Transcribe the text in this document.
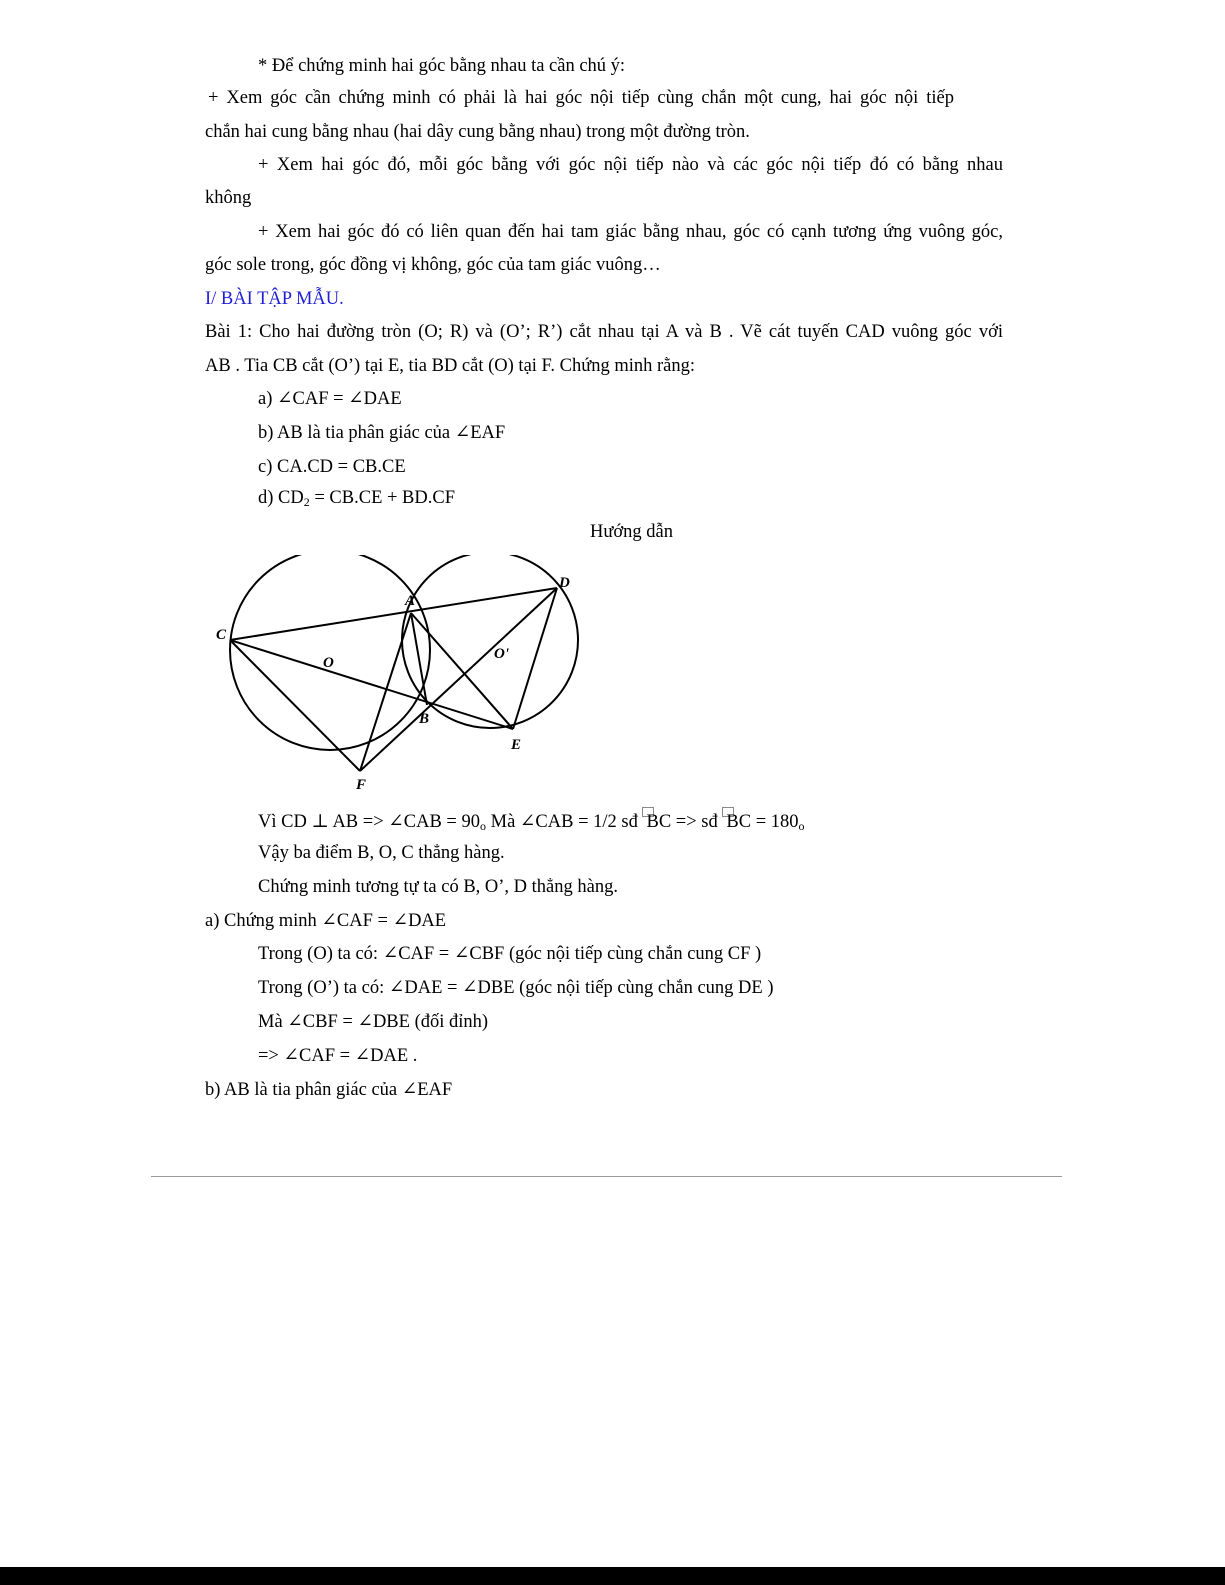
* Để chứng minh hai góc bằng nhau ta cần chú ý:
+ Xem góc cần chứng minh có phải là hai góc nội tiếp cùng chắn một cung, hai góc nội tiếp
chắn hai cung bằng nhau (hai dây cung bằng nhau) trong một đường tròn.
+ Xem hai góc đó, mỗi góc bằng với góc nội tiếp nào và các góc nội tiếp đó có bằng nhau
không
+ Xem hai góc đó có liên quan đến hai tam giác bằng nhau, góc có cạnh tương ứng vuông góc,
góc sole trong, góc đồng vị không, góc của tam giác vuông…
I/ BÀI TẬP MẪU.
Bài 1: Cho hai đường tròn (O; R) và (O’; R’) cắt nhau tại A và B . Vẽ cát tuyến CAD vuông góc với
AB . Tia CB cắt (O’) tại E, tia BD cắt (O) tại F. Chứng minh rằng:
a) ∠CAF = ∠DAE
b) AB là tia phân giác của ∠EAF
c) CA.CD = CB.CE
d) $CD_2 = CB.CE + BD.CF$
Hướng dẫn
A
B
C
D
E
F
O
O'
Vì CD ⊥ AB => ∠CAB = $90_o$ Mà ∠CAB = 1/2 sđ BC => sđ BC = $180_o$
Vậy ba điểm B, O, C thẳng hàng.
Chứng minh tương tự ta có B, O’, D thẳng hàng.
a) Chứng minh ∠CAF = ∠DAE
Trong (O) ta có: ∠CAF = ∠CBF (góc nội tiếp cùng chắn cung CF )
Trong (O’) ta có: ∠DAE = ∠DBE (góc nội tiếp cùng chắn cung DE )
Mà ∠CBF = ∠DBE (đối đỉnh)
=> ∠CAF = ∠DAE .
b) AB là tia phân giác của ∠EAF
